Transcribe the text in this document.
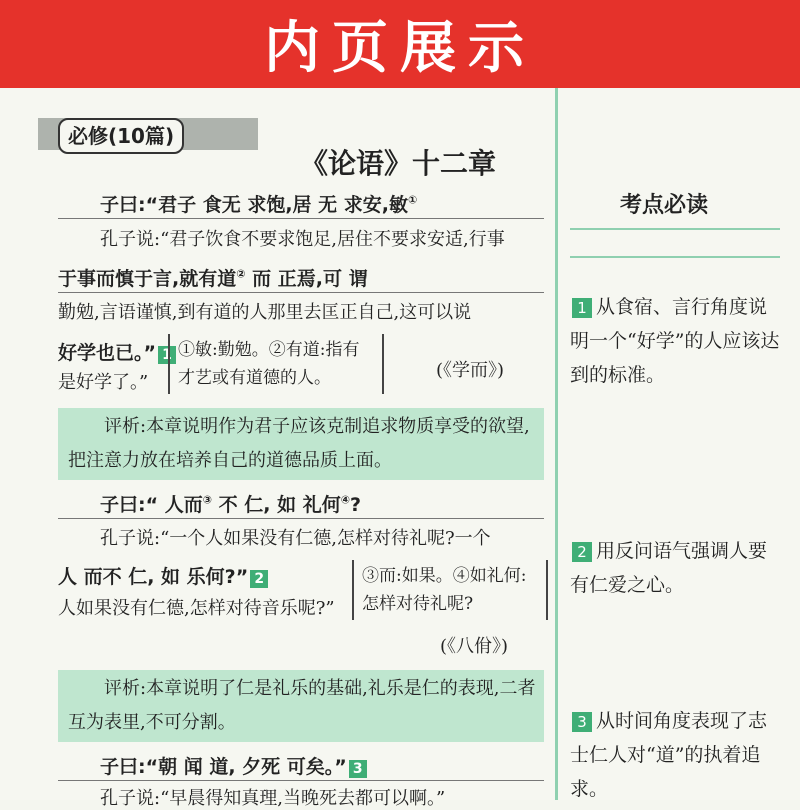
内页展示
必修(10篇)
《论语》十二章
子曰:“君子 食无 求饱,居 无 求安,敏①
孔子说:“君子饮食不要求饱足,居住不要求安适,行事
于事而慎于言,就有道② 而 正焉,可 谓
勤勉,言语谨慎,到有道的人那里去匡正自己,这可以说
好学也已。” 1
是好学了。”
①敏:勤勉。②有道:指有才艺或有道德的人。	(《学而》)
评析:本章说明作为君子应该克制追求物质享受的欲望,把注意力放在培养自己的道德品质上面。
子曰:“ 人而③ 不 仁, 如 礼何④?
孔子说:“一个人如果没有仁德,怎样对待礼呢?一个
人 而不 仁, 如 乐何?” 2
人如果没有仁德,怎样对待音乐呢?”
③而:如果。④如礼何:怎样对待礼呢?
(《八佾》)
评析:本章说明了仁是礼乐的基础,礼乐是仁的表现,二者互为表里,不可分割。
子曰:“朝 闻 道, 夕死 可矣。” 3
孔子说:“早晨得知真理,当晚死去都可以啊。”
考点必读
1 从食宿、言行角度说明一个“好学”的人应该达到的标准。
2 用反问语气强调人要有仁爱之心。
3 从时间角度表现了志士仁人对“道”的执着追求。
